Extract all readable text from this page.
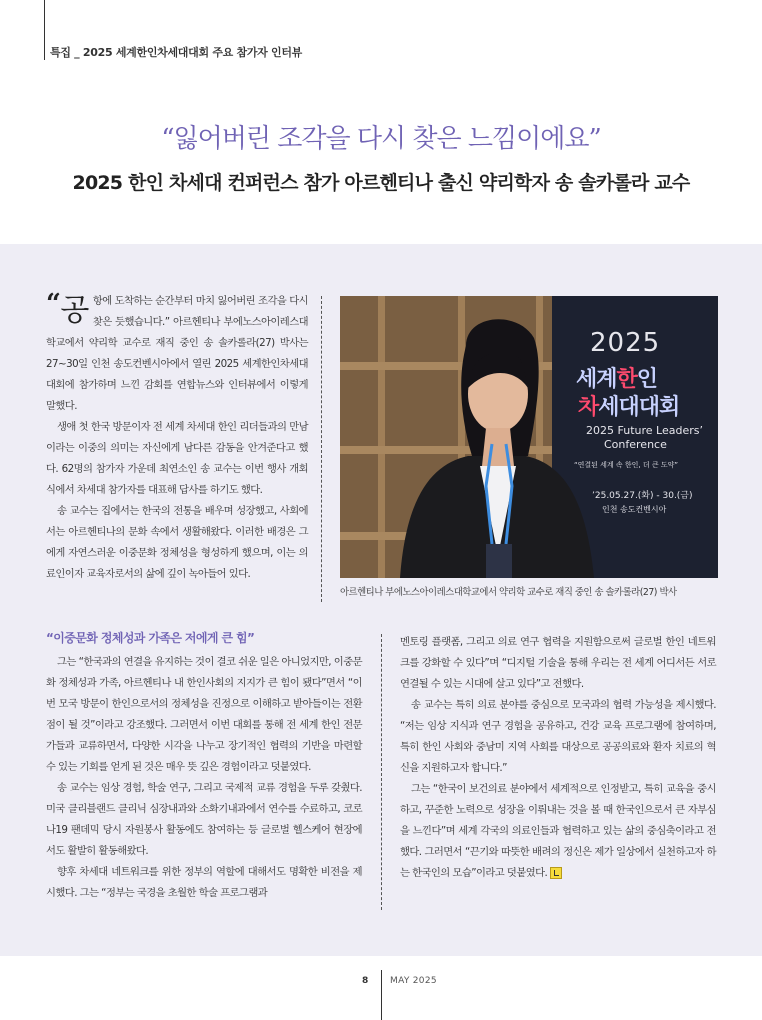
특집 _ 2025 세계한인차세대대회 주요 참가자 인터뷰
“잃어버린 조각을 다시 찾은 느낌이에요”
2025 한인 차세대 컨퍼런스 참가 아르헨티나 출신 약리학자 송 솔카롤라 교수

“ 공 항에 도착하는 순간부터 마치 잃어버린 조각을 다시 찾은 듯했습니다.” 아르헨티나 부에노스아이레스대학교에서 약리학 교수로 재직 중인 송 솔카롤라(27) 박사는 27~30일 인천 송도컨벤시아에서 열린 2025 세계한인차세대대회에 참가하며 느낀 감회를 연합뉴스와 인터뷰에서 이렇게 말했다.

생애 첫 한국 방문이자 전 세계 차세대 한인 리더들과의 만남이라는 이중의 의미는 자신에게 남다른 감동을 안겨준다고 했다. 62명의 참가자 가운데 최연소인 송 교수는 이번 행사 개회식에서 차세대 참가자를 대표해 답사를 하기도 했다.

송 교수는 집에서는 한국의 전통을 배우며 성장했고, 사회에서는 아르헨티나의 문화 속에서 생활해왔다. 이러한 배경은 그에게 자연스러운 이중문화 정체성을 형성하게 했으며, 이는 의료인이자 교육자로서의 삶에 깊이 녹아들어 있다.

2025
세계한인
차세대대회
2025 Future Leaders’
Conference
“연결된 세계 속 한인, 더 큰 도약”
’25.05.27.(화) - 30.(금)
인천 송도컨벤시아
아르헨티나 부에노스아이레스대학교에서 약리학 교수로 재직 중인 송 솔카롤라(27) 박사
“이중문화 정체성과 가족은 저에게 큰 힘”

그는 “한국과의 연결을 유지하는 것이 결코 쉬운 일은 아니었지만, 이중문화 정체성과 가족, 아르헨티나 내 한인사회의 지지가 큰 힘이 됐다”면서 “이번 모국 방문이 한인으로서의 정체성을 진정으로 이해하고 받아들이는 전환점이 될 것”이라고 강조했다. 그러면서 이번 대회를 통해 전 세계 한인 전문가들과 교류하면서, 다양한 시각을 나누고 장기적인 협력의 기반을 마련할 수 있는 기회를 얻게 된 것은 매우 뜻 깊은 경험이라고 덧붙였다.

송 교수는 임상 경험, 학술 연구, 그리고 국제적 교류 경험을 두루 갖췄다. 미국 클리블랜드 클리닉 심장내과와 소화기내과에서 연수를 수료하고, 코로나19 팬데믹 당시 자원봉사 활동에도 참여하는 등 글로벌 헬스케어 현장에서도 활발히 활동해왔다.

향후 차세대 네트워크를 위한 정부의 역할에 대해서도 명확한 비전을 제시했다. 그는 “정부는 국경을 초월한 학술 프로그램과

멘토링 플랫폼, 그리고 의료 연구 협력을 지원함으로써 글로벌 한인 네트워크를 강화할 수 있다”며 “디지털 기술을 통해 우리는 전 세계 어디서든 서로 연결될 수 있는 시대에 살고 있다”고 전했다.

송 교수는 특히 의료 분야를 중심으로 모국과의 협력 가능성을 제시했다. “저는 임상 지식과 연구 경험을 공유하고, 건강 교육 프로그램에 참여하며, 특히 한인 사회와 중남미 지역 사회를 대상으로 공공의료와 환자 치료의 혁신을 지원하고자 합니다.”

그는 “한국이 보건의료 분야에서 세계적으로 인정받고, 특히 교육을 중시하고, 꾸준한 노력으로 성장을 이뤄내는 것을 볼 때 한국인으로서 큰 자부심을 느낀다”며 세계 각국의 의료인들과 협력하고 있는 삶의 중심축이라고 전했다. 그러면서 “끈기와 따뜻한 배려의 정신은 제가 일상에서 실천하고자 하는 한국인의 모습”이라고 덧붙였다.

8 MAY 2025
